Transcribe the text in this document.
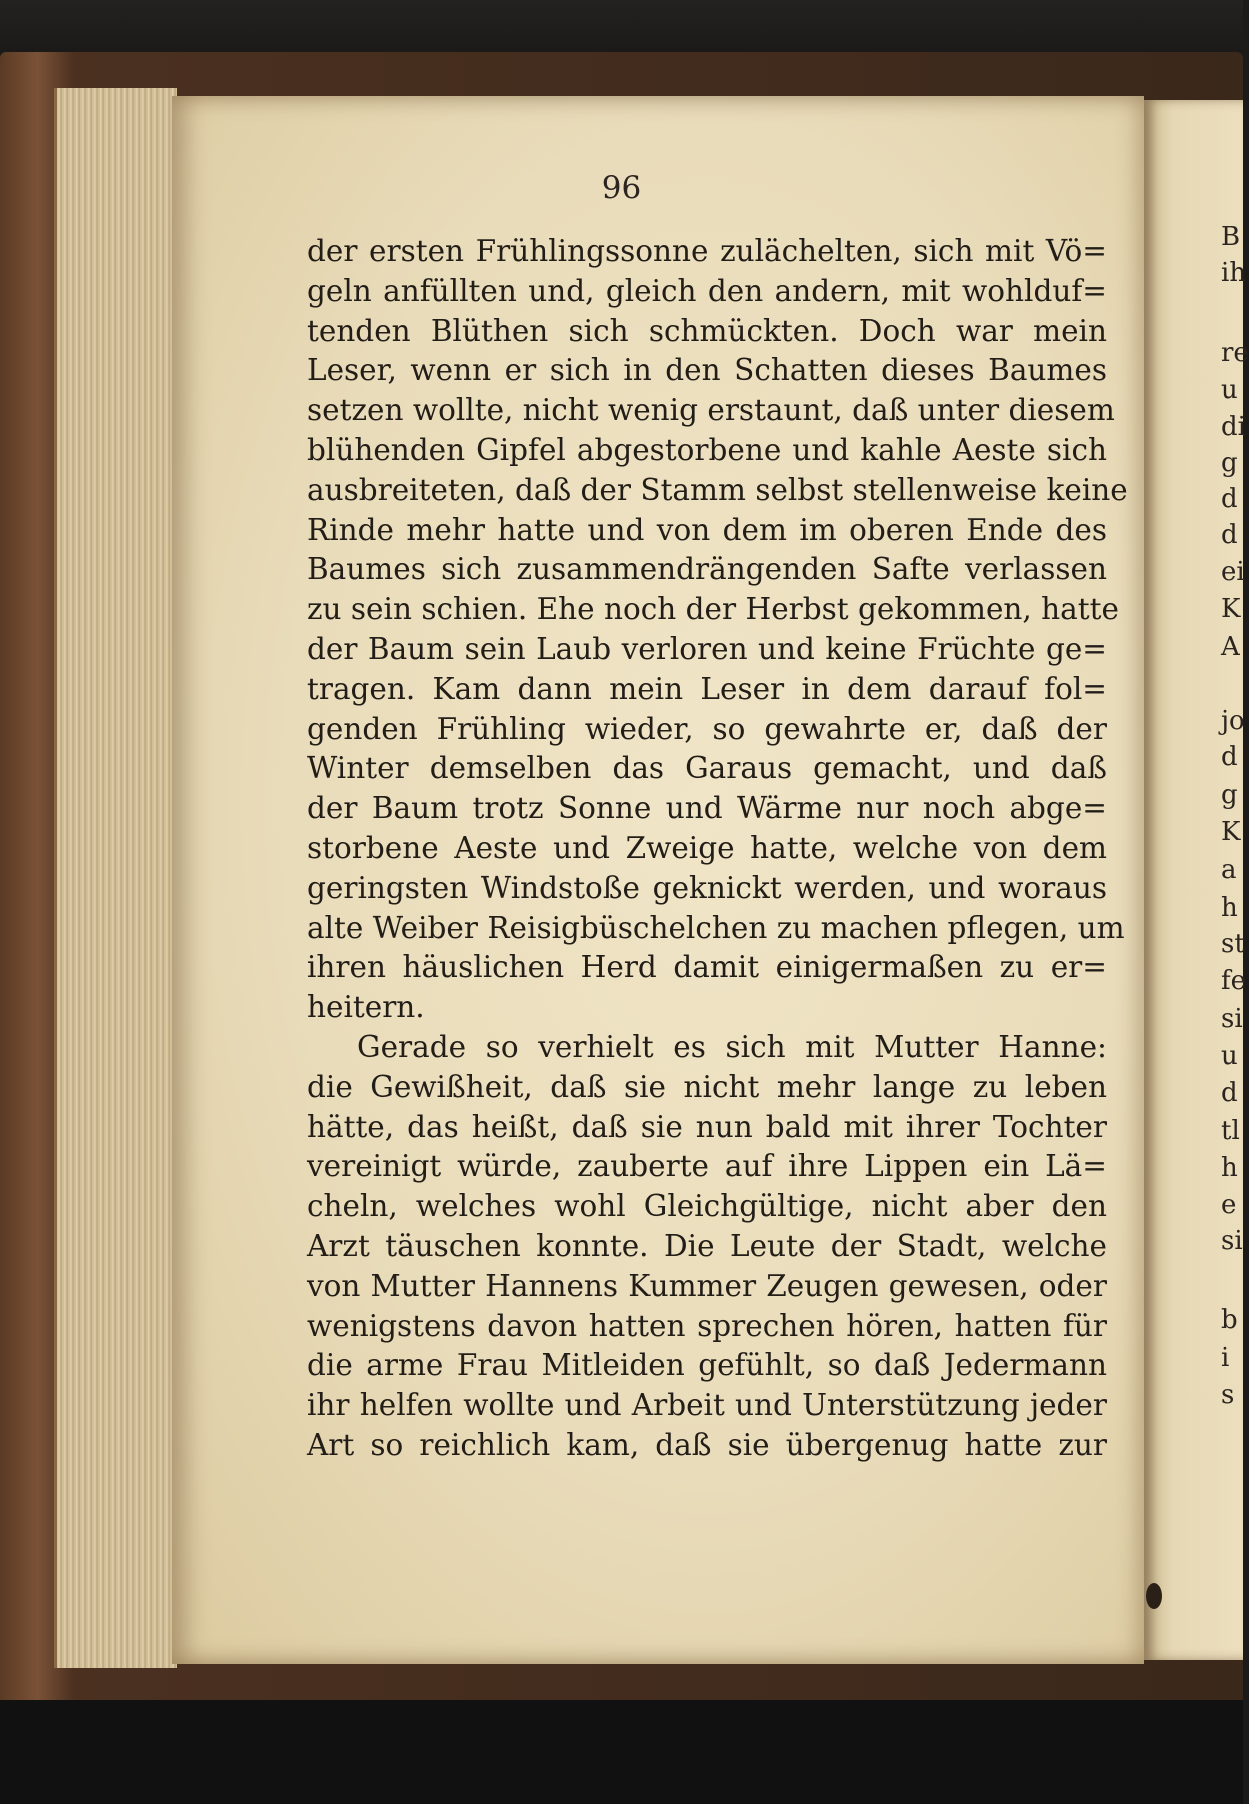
96
der ersten Frühlingssonne zulächelten, sich mit Vö=
geln anfüllten und, gleich den andern, mit wohlduf=
tenden Blüthen sich schmückten. Doch war mein
Leser, wenn er sich in den Schatten dieses Baumes
setzen wollte, nicht wenig erstaunt, daß unter diesem
blühenden Gipfel abgestorbene und kahle Aeste sich
ausbreiteten, daß der Stamm selbst stellenweise keine
Rinde mehr hatte und von dem im oberen Ende des
Baumes sich zusammendrängenden Safte verlassen
zu sein schien. Ehe noch der Herbst gekommen, hatte
der Baum sein Laub verloren und keine Früchte ge=
tragen. Kam dann mein Leser in dem darauf fol=
genden Frühling wieder, so gewahrte er, daß der
Winter demselben das Garaus gemacht, und daß
der Baum trotz Sonne und Wärme nur noch abge=
storbene Aeste und Zweige hatte, welche von dem
geringsten Windstoße geknickt werden, und woraus
alte Weiber Reisigbüschelchen zu machen pflegen, um
ihren häuslichen Herd damit einigermaßen zu er=
heitern.
Gerade so verhielt es sich mit Mutter Hanne:
die Gewißheit, daß sie nicht mehr lange zu leben
hätte, das heißt, daß sie nun bald mit ihrer Tochter
vereinigt würde, zauberte auf ihre Lippen ein Lä=
cheln, welches wohl Gleichgültige, nicht aber den
Arzt täuschen konnte. Die Leute der Stadt, welche
von Mutter Hannens Kummer Zeugen gewesen, oder
wenigstens davon hatten sprechen hören, hatten für
die arme Frau Mitleiden gefühlt, so daß Jedermann
ihr helfen wollte und Arbeit und Unterstützung jeder
Art so reichlich kam, daß sie übergenug hatte zur
B
ih
re
u
di
g
d
d
ei
K
A
jo
d
g
K
a
h
st
fe
si
u
d
tl
h
e
si
b
i
s
